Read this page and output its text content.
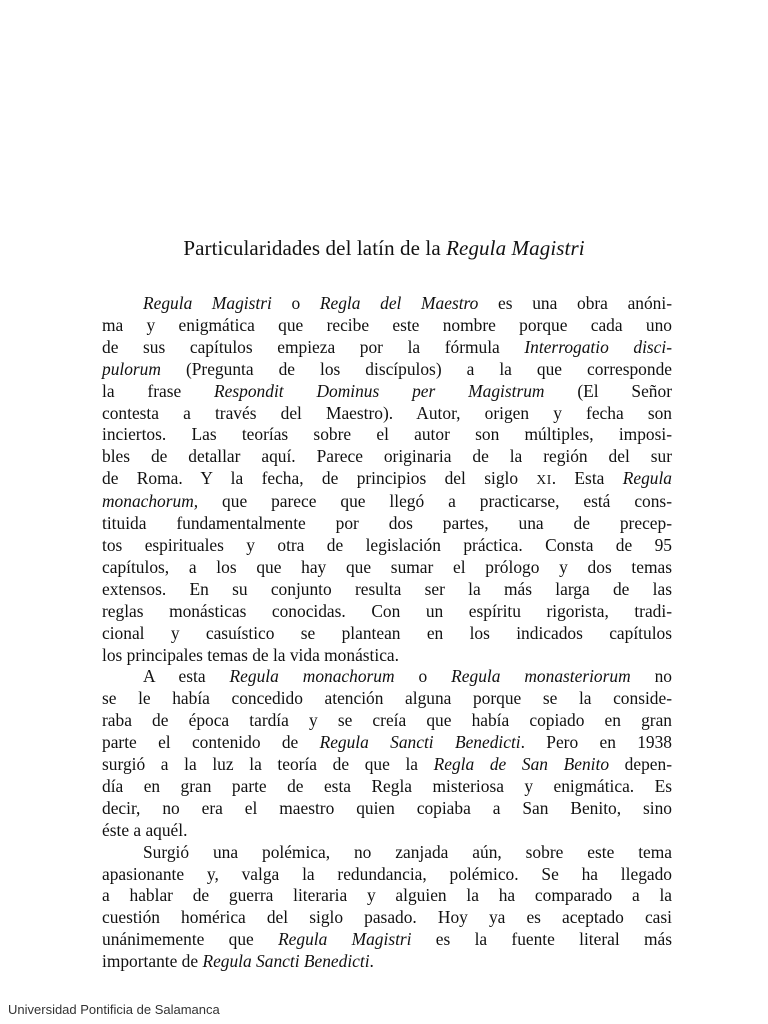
Particularidades del latín de la Regula Magistri

Regula Magistri o Regla del Maestro es una obra anóni-
ma y enigmática que recibe este nombre porque cada uno
de sus capítulos empieza por la fórmula Interrogatio disci-
pulorum (Pregunta de los discípulos) a la que corresponde
la frase Respondit Dominus per Magistrum (El Señor
contesta a través del Maestro). Autor, origen y fecha son
inciertos. Las teorías sobre el autor son múltiples, imposi-
bles de detallar aquí. Parece originaria de la región del sur
de Roma. Y la fecha, de principios del siglo XI. Esta Regula
monachorum, que parece que llegó a practicarse, está cons-
tituida fundamentalmente por dos partes, una de precep-
tos espirituales y otra de legislación práctica. Consta de 95
capítulos, a los que hay que sumar el prólogo y dos temas
extensos. En su conjunto resulta ser la más larga de las
reglas monásticas conocidas. Con un espíritu rigorista, tradi-
cional y casuístico se plantean en los indicados capítulos
los principales temas de la vida monástica.

A esta Regula monachorum o Regula monasteriorum no
se le había concedido atención alguna porque se la conside-
raba de época tardía y se creía que había copiado en gran
parte el contenido de Regula Sancti Benedicti. Pero en 1938
surgió a la luz la teoría de que la Regla de San Benito depen-
día en gran parte de esta Regla misteriosa y enigmática. Es
decir, no era el maestro quien copiaba a San Benito, sino
éste a aquél.

Surgió una polémica, no zanjada aún, sobre este tema
apasionante y, valga la redundancia, polémico. Se ha llegado
a hablar de guerra literaria y alguien la ha comparado a la
cuestión homérica del siglo pasado. Hoy ya es aceptado casi
unánimemente que Regula Magistri es la fuente literal más
importante de Regula Sancti Benedicti.

Universidad Pontificia de Salamanca
